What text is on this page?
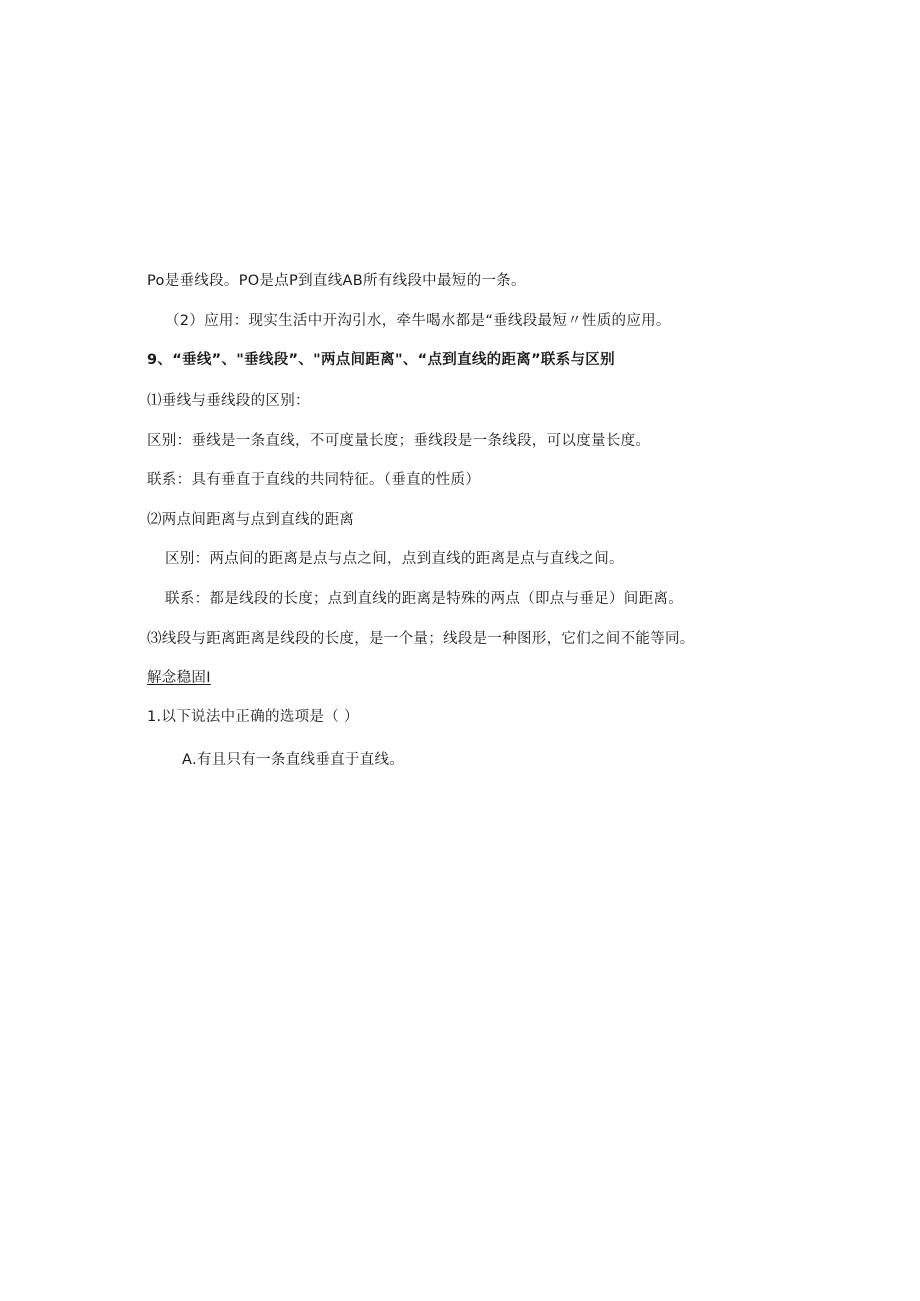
Po是垂线段。PO是点P到直线AB所有线段中最短的一条。
（2）应用：现实生活中开沟引水，牵牛喝水都是“垂线段最短〃性质的应用。
9、“垂线”、"垂线段”、"两点间距离"、“点到直线的距离”联系与区别
⑴垂线与垂线段的区别：
区别：垂线是一条直线，不可度量长度；垂线段是一条线段，可以度量长度。
联系：具有垂直于直线的共同特征。（垂直的性质）
⑵两点间距离与点到直线的距离
区别：两点间的距离是点与点之间，点到直线的距离是点与直线之间。
联系：都是线段的长度；点到直线的距离是特殊的两点（即点与垂足）间距离。
⑶线段与距离距离是线段的长度，是一个量；线段是一种图形，它们之间不能等同。
解念稳固I
1.以下说法中正确的选项是（ ）
A.有且只有一条直线垂直于直线。
